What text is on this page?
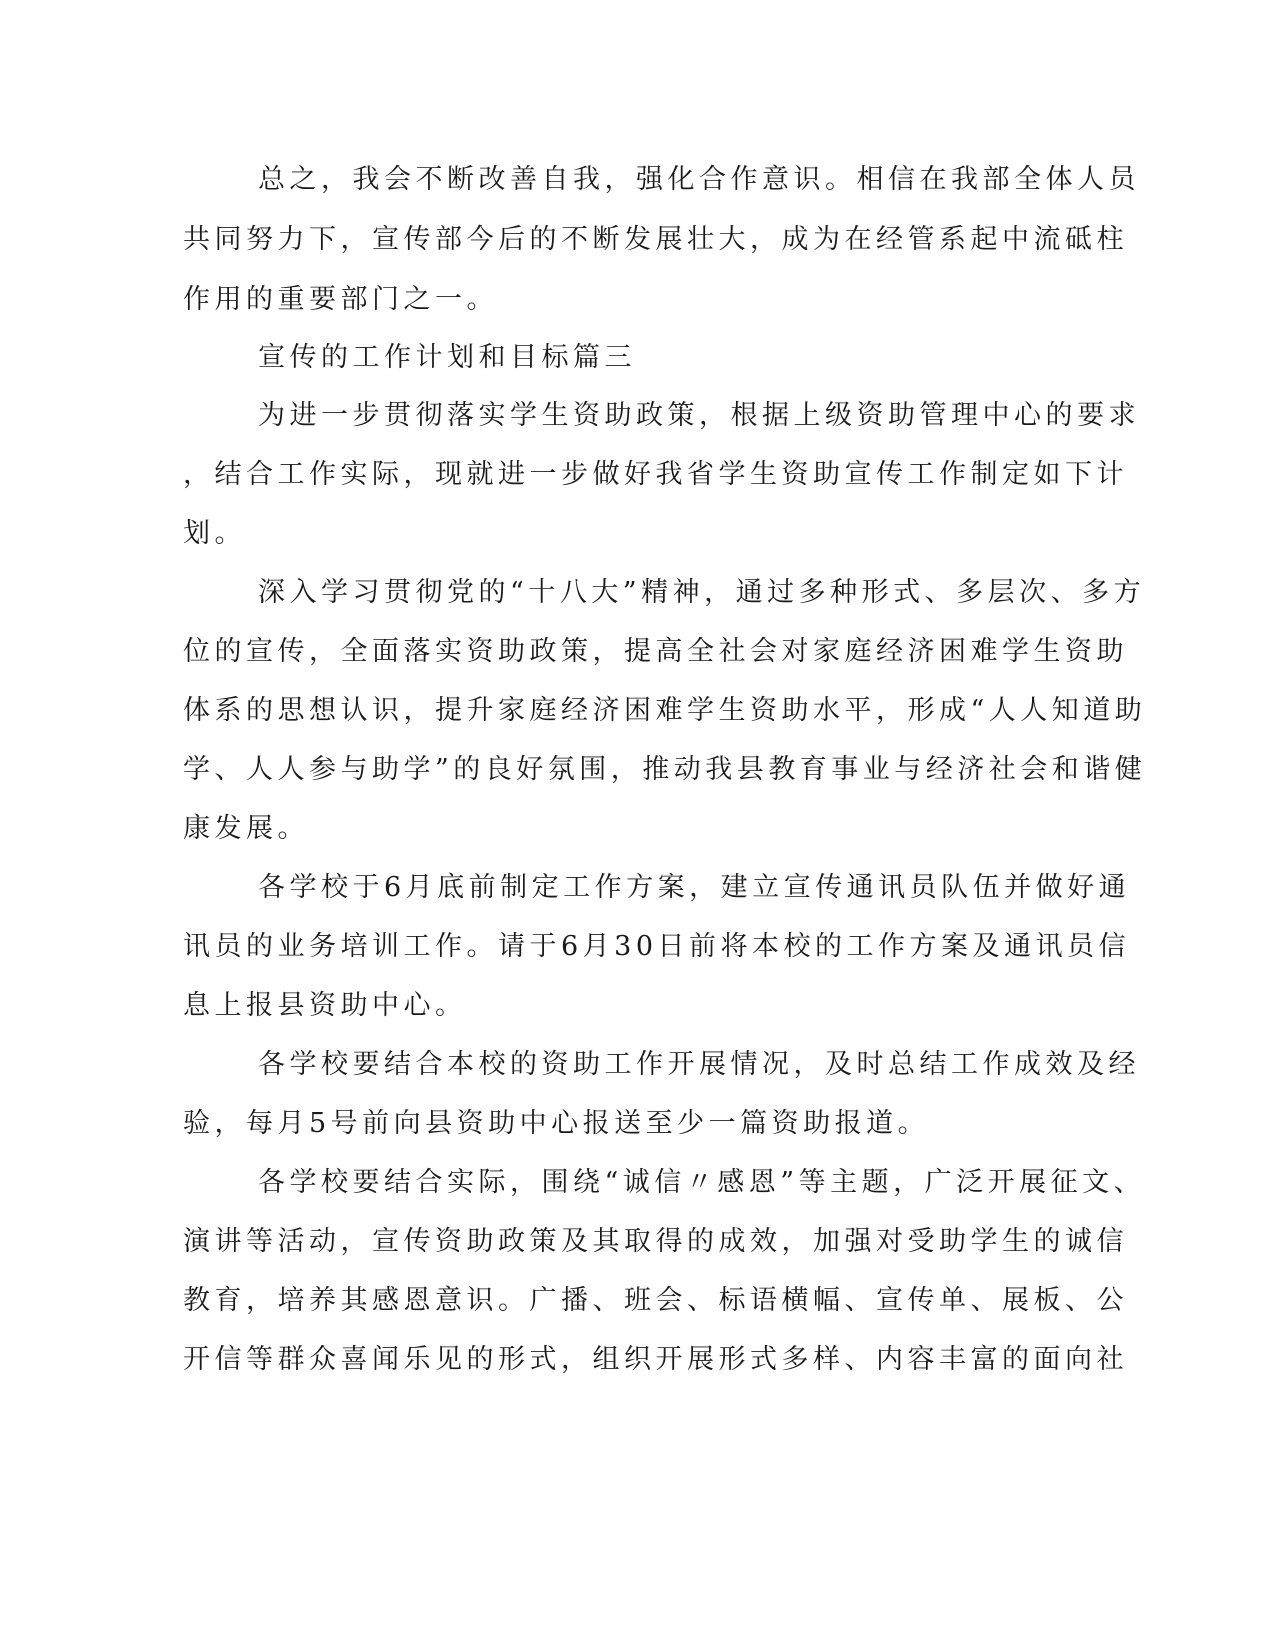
总之，我会不断改善自我，强化合作意识。相信在我部全体人员
共同努力下，宣传部今后的不断发展壮大，成为在经管系起中流砥柱
作用的重要部门之一。
宣传的工作计划和目标篇三
为进一步贯彻落实学生资助政策，根据上级资助管理中心的要求
，结合工作实际，现就进一步做好我省学生资助宣传工作制定如下计
划。
深入学习贯彻党的“十八大”精神，通过多种形式、多层次、多方
位的宣传，全面落实资助政策，提高全社会对家庭经济困难学生资助
体系的思想认识，提升家庭经济困难学生资助水平，形成“人人知道助
学、人人参与助学”的良好氛围，推动我县教育事业与经济社会和谐健
康发展。
各学校于6月底前制定工作方案，建立宣传通讯员队伍并做好通
讯员的业务培训工作。请于6月30日前将本校的工作方案及通讯员信
息上报县资助中心。
各学校要结合本校的资助工作开展情况，及时总结工作成效及经
验，每月5号前向县资助中心报送至少一篇资助报道。
各学校要结合实际，围绕“诚信〃感恩”等主题，广泛开展征文、
演讲等活动，宣传资助政策及其取得的成效，加强对受助学生的诚信
教育，培养其感恩意识。广播、班会、标语横幅、宣传单、展板、公
开信等群众喜闻乐见的形式，组织开展形式多样、内容丰富的面向社
